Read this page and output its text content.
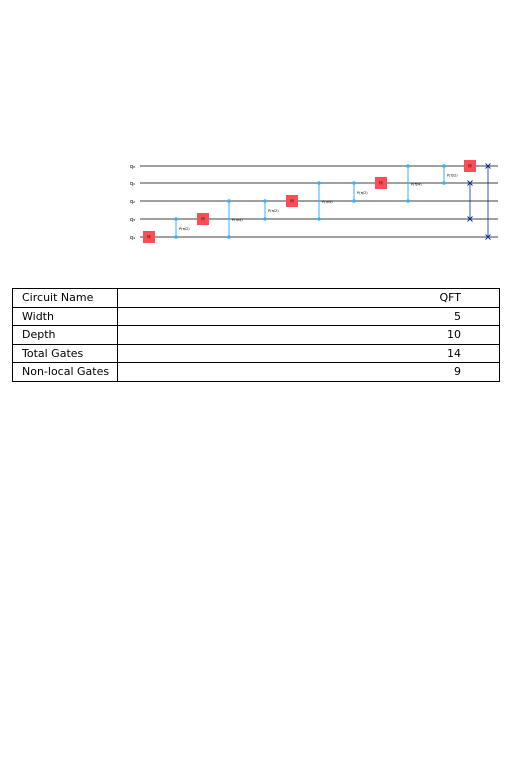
q₀
q₁
q₂
q₃
q₄	H
P(π/2)
H	P(π/4)
P(π/2)
H	P(π/4)
P(π/2)
H	P(π/4)
P(π/2)
H
Circuit Name	QFT
Width	5
Depth	10
Total Gates	14
Non-local Gates	9
